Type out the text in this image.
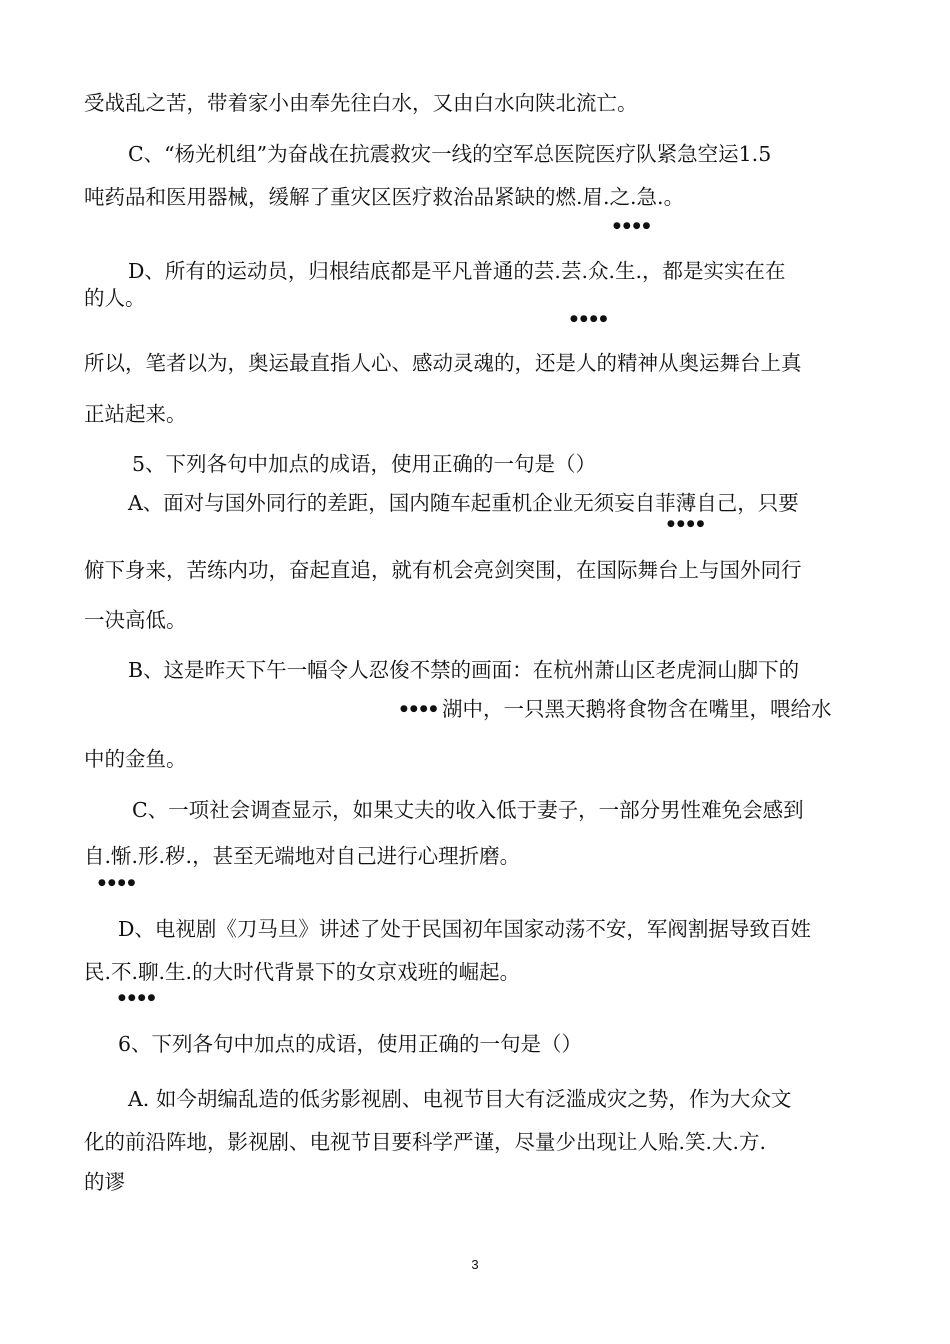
受战乱之苦，带着家小由奉先往白水，又由白水向陕北流亡。

C、“杨光机组”为奋战在抗震救灾一线的空军总医院医疗队紧急空运1.5

吨药品和医用器械，缓解了重灾区医疗救治品紧缺的燃.眉.之.急.。

●●●●

D、所有的运动员，归根结底都是平凡普通的芸.芸.众.生.，都是实实在在

的人。

●●●●

所以，笔者以为，奥运最直指人心、感动灵魂的，还是人的精神从奥运舞台上真

正站起来。

5、下列各句中加点的成语，使用正确的一句是（）

A、面对与国外同行的差距，国内随车起重机企业无须妄自菲薄自己，只要

●●●●

俯下身来，苦练内功，奋起直追，就有机会亮剑突围，在国际舞台上与国外同行

一决高低。

B、这是昨天下午一幅令人忍俊不禁的画面：在杭州萧山区老虎洞山脚下的

●●●● 湖中，一只黑天鹅将食物含在嘴里，喂给水

中的金鱼。

C、一项社会调查显示，如果丈夫的收入低于妻子，一部分男性难免会感到

自.惭.形.秽.，甚至无端地对自己进行心理折磨。

●●●●

D、电视剧《刀马旦》讲述了处于民国初年国家动荡不安，军阀割据导致百姓

民.不.聊.生.的大时代背景下的女京戏班的崛起。

●●●●

6、下列各句中加点的成语，使用正确的一句是（）

A. 如今胡编乱造的低劣影视剧、电视节目大有泛滥成灾之势，作为大众文

化的前沿阵地，影视剧、电视节目要科学严谨，尽量少出现让人贻.笑.大.方.

的谬

3
